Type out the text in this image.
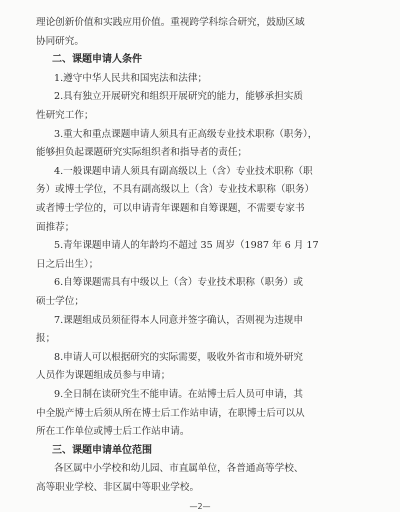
理论创新价值和实践应用价值。重视跨学科综合研究，鼓励区域
协同研究。
二、课题申请人条件
1.遵守中华人民共和国宪法和法律；
2.具有独立开展研究和组织开展研究的能力，能够承担实质
性研究工作；
3.重大和重点课题申请人须具有正高级专业技术职称（职务），
能够担负起课题研究实际组织者和指导者的责任；
4.一般课题申请人须具有副高级以上（含）专业技术职称（职
务）或博士学位，不具有副高级以上（含）专业技术职称（职务）
或者博士学位的，可以申请青年课题和自筹课题，不需要专家书
面推荐；
5.青年课题申请人的年龄均不超过 35 周岁（1987 年 6 月 17
日之后出生）；
6.自筹课题需具有中级以上（含）专业技术职称（职务）或
硕士学位；
7.课题组成员须征得本人同意并签字确认，否则视为违规申
报；
8.申请人可以根据研究的实际需要，吸收外省市和境外研究
人员作为课题组成员参与申请；
9.全日制在读研究生不能申请。在站博士后人员可申请，其
中全脱产博士后须从所在博士后工作站申请，在职博士后可以从
所在工作单位或博士后工作站申请。
三、课题申请单位范围
各区属中小学校和幼儿园、市直属单位，各普通高等学校、
高等职业学校、非区属中等职业学校。
—2—
